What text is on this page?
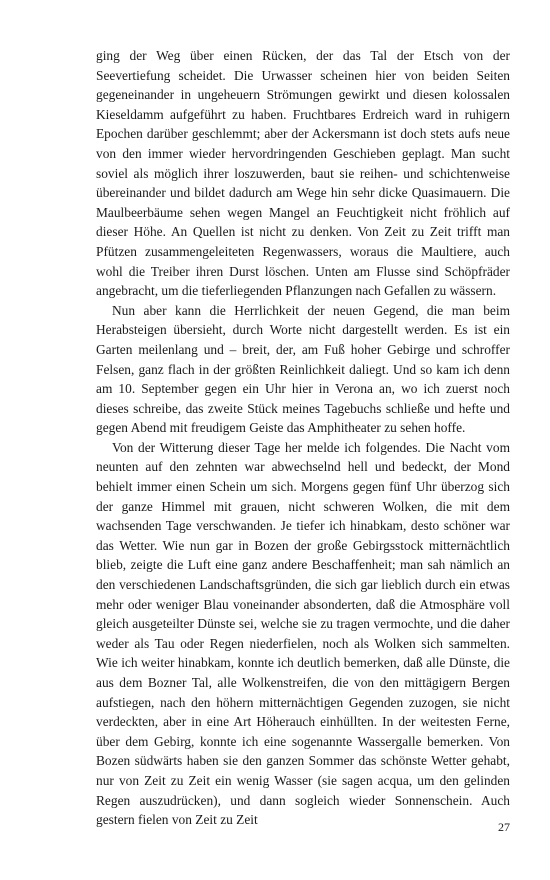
ging der Weg über einen Rücken, der das Tal der Etsch von der Seevertiefung scheidet. Die Urwasser scheinen hier von beiden Seiten gegeneinander in ungeheuern Strömungen gewirkt und diesen kolossalen Kieseldamm aufgeführt zu haben. Fruchtbares Erdreich ward in ruhigern Epochen darüber geschlemmt; aber der Ackersmann ist doch stets aufs neue von den immer wieder hervordringenden Geschieben geplagt. Man sucht soviel als möglich ihrer loszuwerden, baut sie reihen- und schichtenweise übereinander und bildet dadurch am Wege hin sehr dicke Quasimauern. Die Maulbeerbäume sehen wegen Mangel an Feuchtigkeit nicht fröhlich auf dieser Höhe. An Quellen ist nicht zu denken. Von Zeit zu Zeit trifft man Pfützen zusammengeleiteten Regenwassers, woraus die Maultiere, auch wohl die Treiber ihren Durst löschen. Unten am Flusse sind Schöpfräder angebracht, um die tieferliegenden Pflanzungen nach Gefallen zu wässern.

Nun aber kann die Herrlichkeit der neuen Gegend, die man beim Herabsteigen übersieht, durch Worte nicht dargestellt werden. Es ist ein Garten meilenlang und – breit, der, am Fuß hoher Gebirge und schroffer Felsen, ganz flach in der größten Reinlichkeit daliegt. Und so kam ich denn am 10. September gegen ein Uhr hier in Verona an, wo ich zuerst noch dieses schreibe, das zweite Stück meines Tagebuchs schließe und hefte und gegen Abend mit freudigem Geiste das Amphitheater zu sehen hoffe.

Von der Witterung dieser Tage her melde ich folgendes. Die Nacht vom neunten auf den zehnten war abwechselnd hell und bedeckt, der Mond behielt immer einen Schein um sich. Morgens gegen fünf Uhr überzog sich der ganze Himmel mit grauen, nicht schweren Wolken, die mit dem wachsenden Tage verschwanden. Je tiefer ich hinabkam, desto schöner war das Wetter. Wie nun gar in Bozen der große Gebirgsstock mitternächtlich blieb, zeigte die Luft eine ganz andere Beschaffenheit; man sah nämlich an den verschiedenen Landschaftsgründen, die sich gar lieblich durch ein etwas mehr oder weniger Blau voneinander absonderten, daß die Atmosphäre voll gleich ausgeteilter Dünste sei, welche sie zu tragen vermochte, und die daher weder als Tau oder Regen niederfielen, noch als Wolken sich sammelten. Wie ich weiter hinabkam, konnte ich deutlich bemerken, daß alle Dünste, die aus dem Bozner Tal, alle Wolkenstreifen, die von den mittägigern Bergen aufstiegen, nach den höhern mitternächtigen Gegenden zuzogen, sie nicht verdeckten, aber in eine Art Höherauch einhüllten. In der weitesten Ferne, über dem Gebirg, konnte ich eine sogenannte Wassergalle bemerken. Von Bozen südwärts haben sie den ganzen Sommer das schönste Wetter gehabt, nur von Zeit zu Zeit ein wenig Wasser (sie sagen acqua, um den gelinden Regen auszudrücken), und dann sogleich wieder Sonnenschein. Auch gestern fielen von Zeit zu Zeit	27
